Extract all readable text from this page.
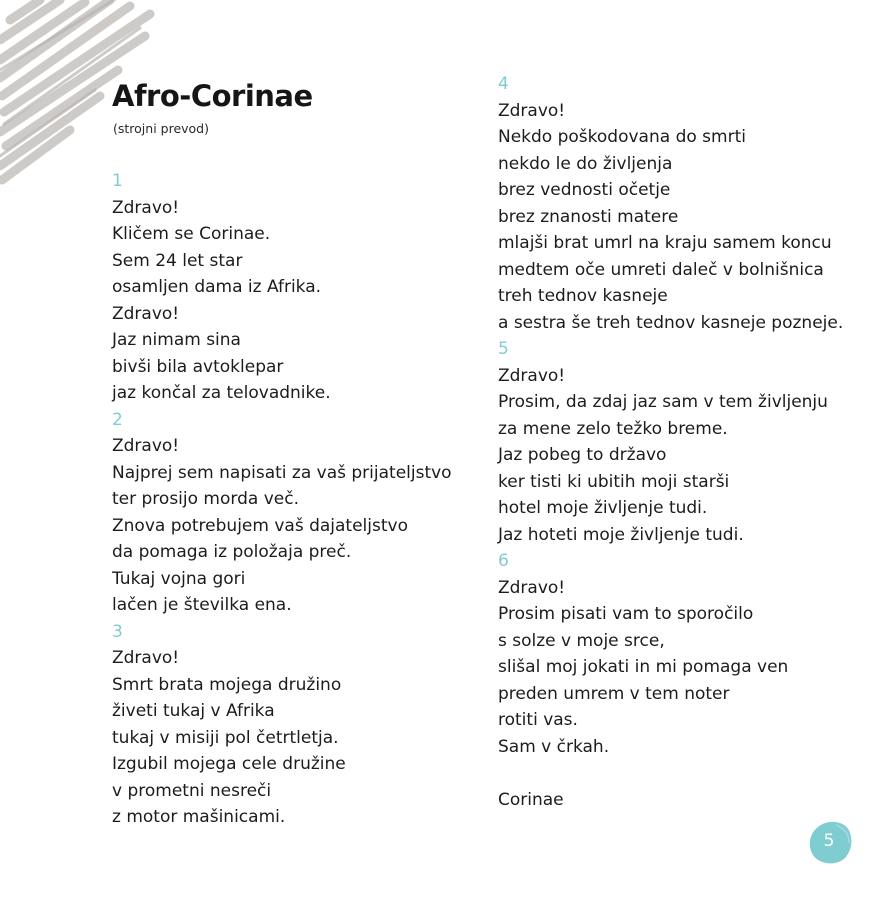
Afro-Corinae
(strojni prevod)
1
Zdravo!
Kličem se Corinae.
Sem 24 let star
osamljen dama iz Afrika.
Zdravo!
Jaz nimam sina
bivši bila avtoklepar
jaz končal za telovadnike.
2
Zdravo!
Najprej sem napisati za vaš prijateljstvo
ter prosijo morda več.
Znova potrebujem vaš dajateljstvo
da pomaga iz položaja preč.
Tukaj vojna gori
lačen je številka ena.
3
Zdravo!
Smrt brata mojega družino
živeti tukaj v Afrika
tukaj v misiji pol četrtletja.
Izgubil mojega cele družine
v prometni nesreči
z motor mašinicami.
4
Zdravo!
Nekdo poškodovana do smrti
nekdo le do življenja
brez vednosti očetje
brez znanosti matere
mlajši brat umrl na kraju samem koncu
medtem oče umreti daleč v bolnišnica
treh tednov kasneje
a sestra še treh tednov kasneje pozneje.
5
Zdravo!
Prosim, da zdaj jaz sam v tem življenju
za mene zelo težko breme.
Jaz pobeg to državo
ker tisti ki ubitih moji starši
hotel moje življenje tudi.
Jaz hoteti moje življenje tudi.
6
Zdravo!
Prosim pisati vam to sporočilo
s solze v moje srce,
slišal moj jokati in mi pomaga ven
preden umrem v tem noter
rotiti vas.
Sam v črkah.
Corinae
5
